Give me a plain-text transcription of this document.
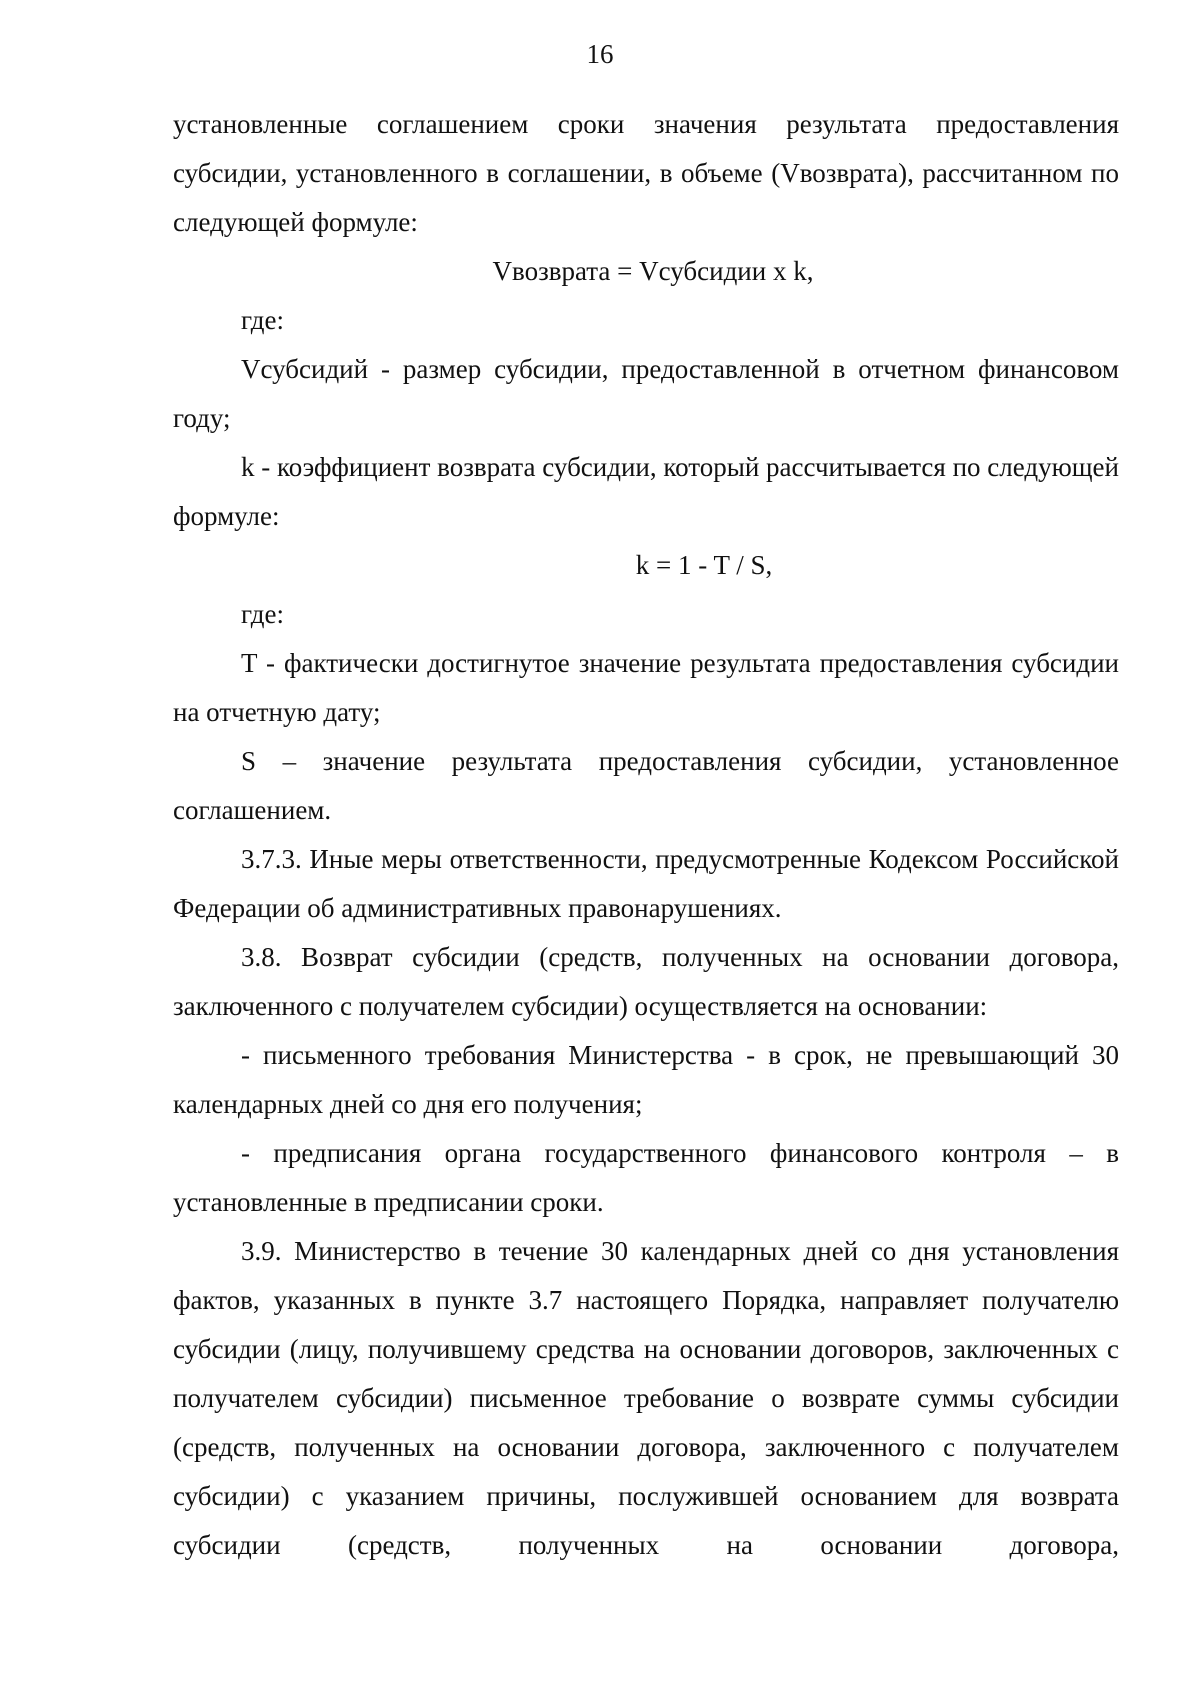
16

установленные соглашением сроки значения результата предоставления субсидии, установленного в соглашении, в объеме (Vвозврата), рассчитанном по следующей формуле:

Vвозврата = Vсубсидии x k,

где:

Vсубсидий - размер субсидии, предоставленной в отчетном финансовом году;

k - коэффициент возврата субсидии, который рассчитывается по следующей формуле:

k = 1 - T / S,

где:

T - фактически достигнутое значение результата предоставления субсидии на отчетную дату;

S – значение результата предоставления субсидии, установленное соглашением.

3.7.3. Иные меры ответственности, предусмотренные Кодексом Российской Федерации об административных правонарушениях.

3.8. Возврат субсидии (средств, полученных на основании договора, заключенного с получателем субсидии) осуществляется на основании:

- письменного требования Министерства - в срок, не превышающий 30 календарных дней со дня его получения;

- предписания органа государственного финансового контроля – в установленные в предписании сроки.

3.9. Министерство в течение 30 календарных дней со дня установления фактов, указанных в пункте 3.7 настоящего Порядка, направляет получателю субсидии (лицу, получившему средства на основании договоров, заключенных с получателем субсидии) письменное требование о возврате суммы субсидии (средств, полученных на основании договора, заключенного с получателем субсидии) с указанием причины, послужившей основанием для возврата субсидии (средств, полученных на основании договора,
